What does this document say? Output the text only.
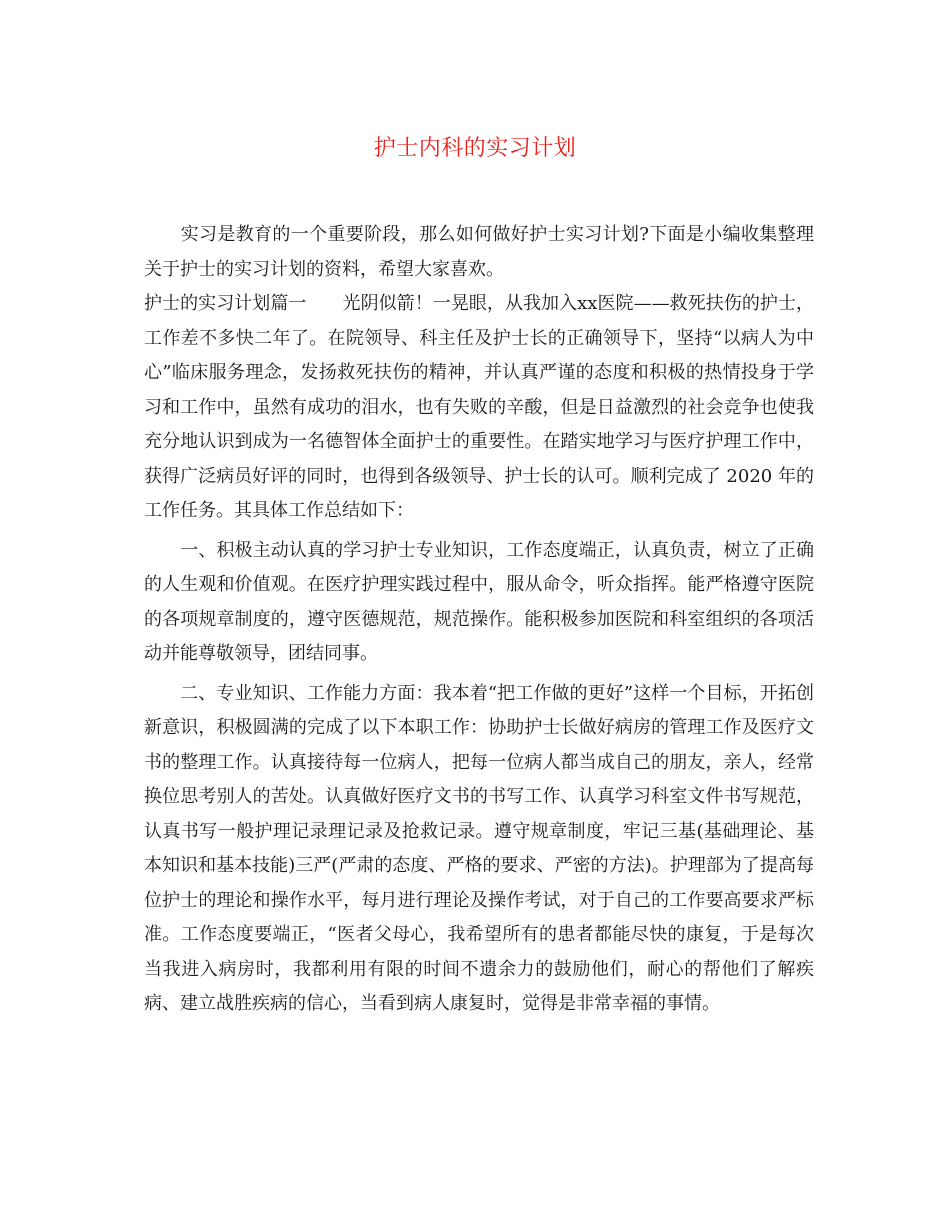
护士内科的实习计划

　　实习是教育的一个重要阶段，那么如何做好护士实习计划?下面是小编收集整理关于护士的实习计划的资料，希望大家喜欢。

护士的实习计划篇一　　光阴似箭！一晃眼，从我加入xx医院——救死扶伤的护士，工作差不多快二年了。在院领导、科主任及护士长的正确领导下，坚持“以病人为中心”临床服务理念，发扬救死扶伤的精神，并认真严谨的态度和积极的热情投身于学习和工作中，虽然有成功的泪水，也有失败的辛酸，但是日益激烈的社会竞争也使我充分地认识到成为一名德智体全面护士的重要性。在踏实地学习与医疗护理工作中，获得广泛病员好评的同时，也得到各级领导、护士长的认可。顺利完成了 2020 年的工作任务。其具体工作总结如下：

　　一、积极主动认真的学习护士专业知识，工作态度端正，认真负责，树立了正确的人生观和价值观。在医疗护理实践过程中，服从命令，听众指挥。能严格遵守医院的各项规章制度的，遵守医德规范，规范操作。能积极参加医院和科室组织的各项活动并能尊敬领导，团结同事。

　　二、专业知识、工作能力方面：我本着“把工作做的更好”这样一个目标，开拓创新意识，积极圆满的完成了以下本职工作：协助护士长做好病房的管理工作及医疗文书的整理工作。认真接待每一位病人，把每一位病人都当成自己的朋友，亲人，经常换位思考别人的苦处。认真做好医疗文书的书写工作、认真学习科室文件书写规范，认真书写一般护理记录理记录及抢救记录。遵守规章制度，牢记三基(基础理论、基本知识和基本技能)三严(严肃的态度、严格的要求、严密的方法)。护理部为了提高每位护士的理论和操作水平，每月进行理论及操作考试，对于自己的工作要高要求严标准。工作态度要端正，“医者父母心，我希望所有的患者都能尽快的康复，于是每次当我进入病房时，我都利用有限的时间不遗余力的鼓励他们，耐心的帮他们了解疾病、建立战胜疾病的信心，当看到病人康复时，觉得是非常幸福的事情。
